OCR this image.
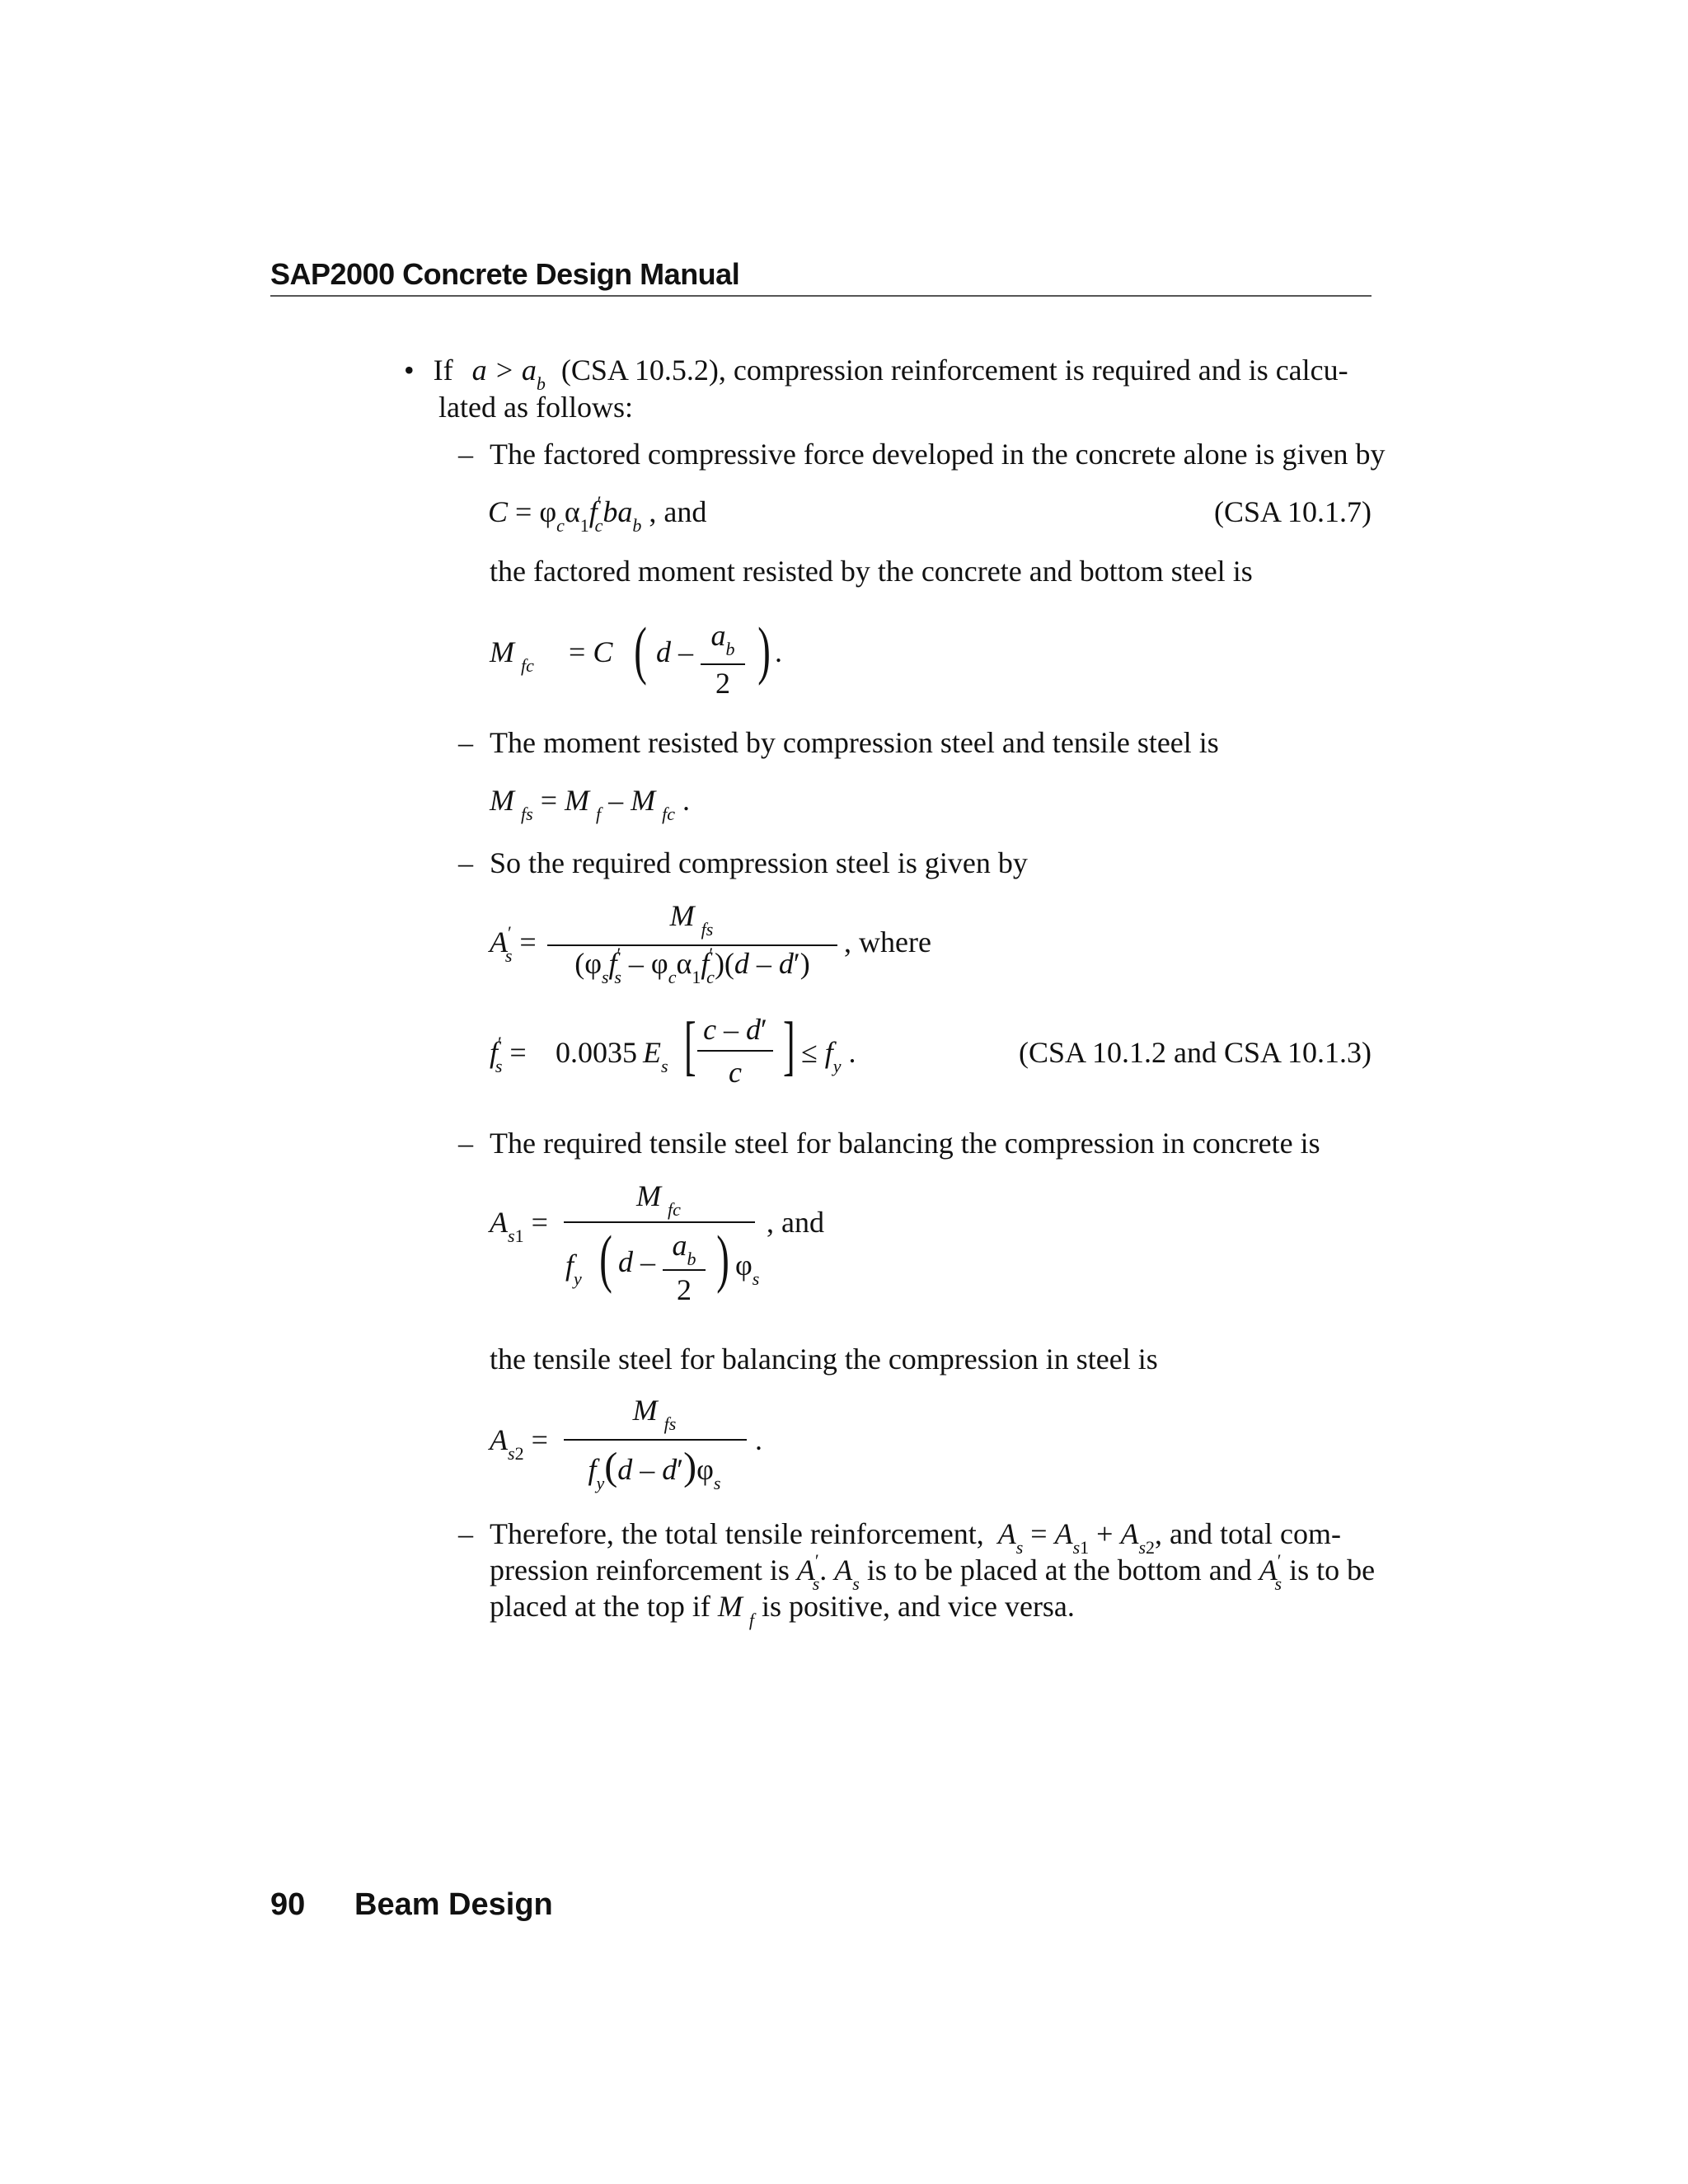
SAP2000 Concrete Design Manual
• If $a > a_b$ (CSA 10.5.2), compression reinforcement is required and is calcu-
lated as follows:
– The factored compressive force developed in the concrete alone is given by
$C = \varphi_c\alpha_1f'_cba_b$ , and	(CSA 10.1.7)
the factored moment resisted by the concrete and bottom steel is
M $_{fc}$ = C ( d – $a_b$
2 ) .
– The moment resisted by compression steel and tensile steel is
M $_{fs}$ = M $_f$ – M $_{fc}$ .
– So the required compression steel is given by
$A'_s$ =
M $_{fs}$
$(\varphi_sf'_s - \varphi_c\alpha_1f'_c)(d - d')$
, where
$f'_s = 0.0035$ $E_s$ [ c – d′
c ] ≤ $f_y$ .	(CSA 10.1.2 and CSA 10.1.3)
– The required tensile steel for balancing the compression in concrete is
$A_{s1}$ =
M $_{fc}$
$f_y$ ( d – $a_b$
2 ) $\varphi_s$
, and
the tensile steel for balancing the compression in steel is
$A_{s2}$ =
M $_{fs}$
$f_y(d - d')\varphi_s$
.
– Therefore, the total tensile reinforcement, $A_s = A_{s1} + A_{s2}$, and total com-
pression reinforcement is $A'_s$. $A_s$ is to be placed at the bottom and $A'_s$ is to be
placed at the top if M $_f$ is positive, and vice versa.
90 Beam Design
